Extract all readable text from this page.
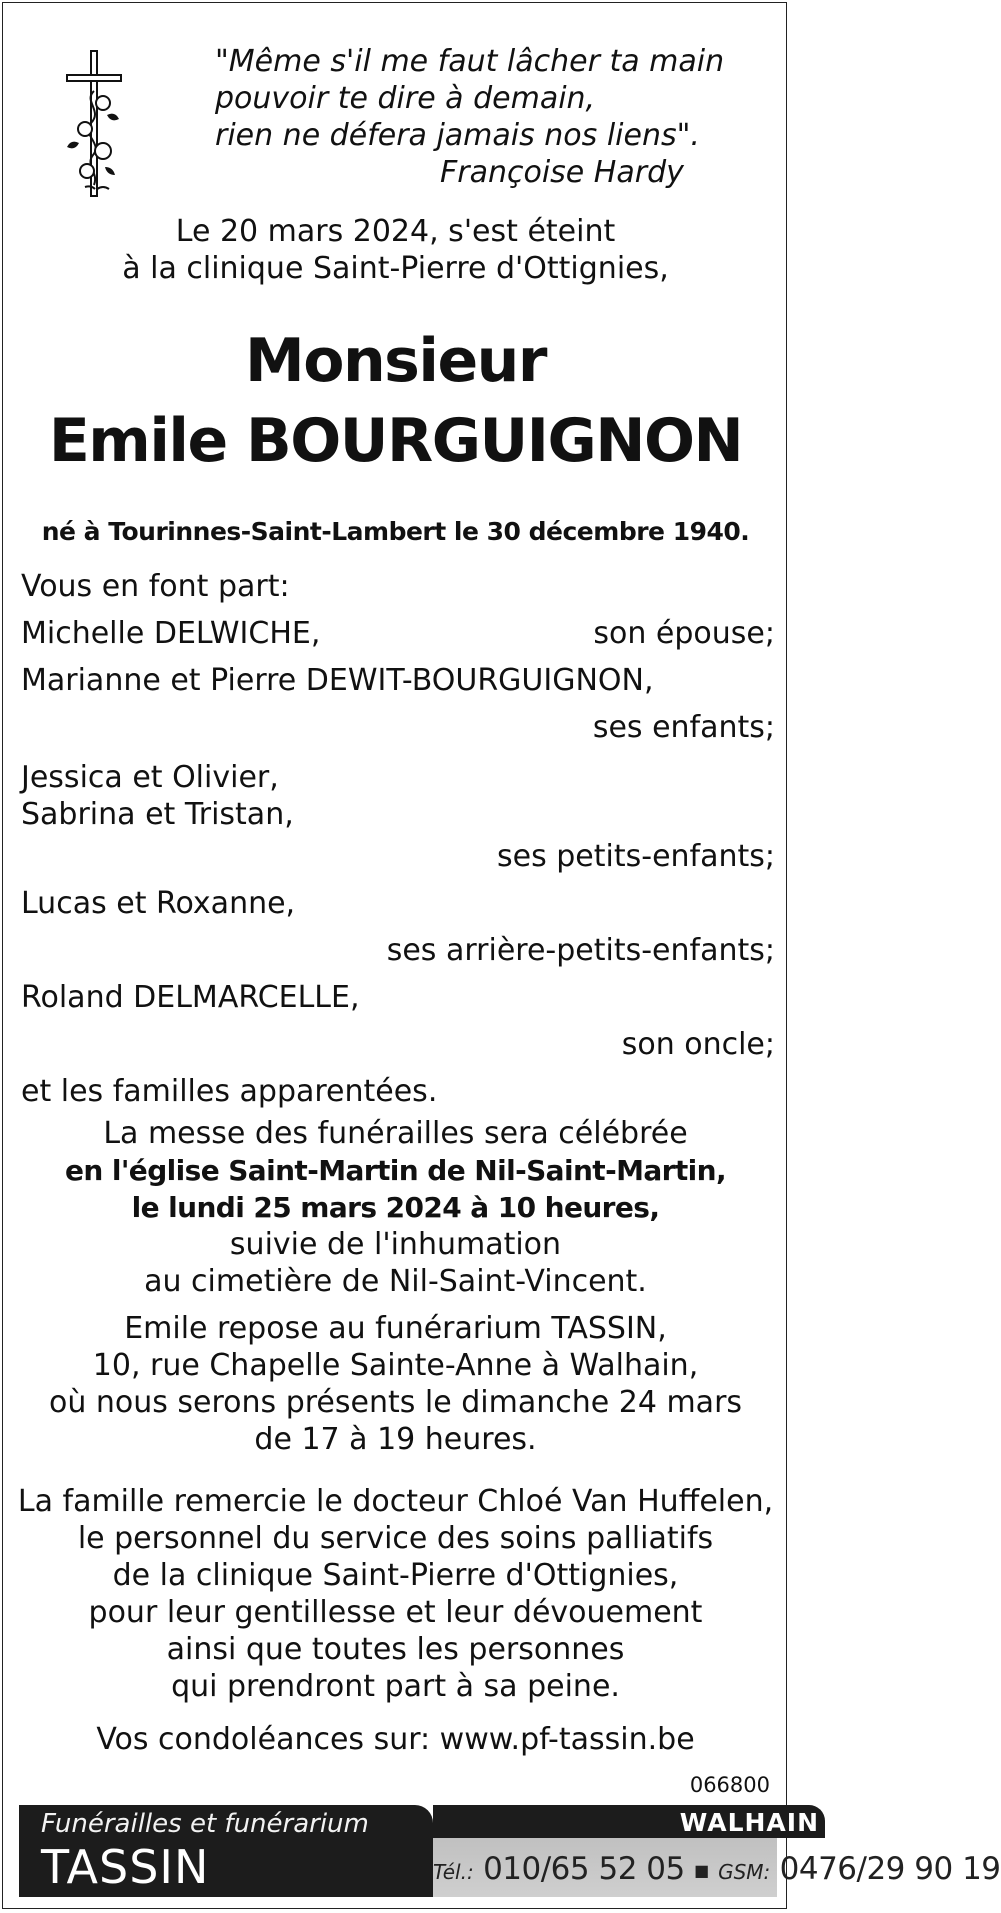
"Même s'il me faut lâcher ta main
pouvoir te dire à demain,
rien ne défera jamais nos liens".
Françoise Hardy
Le 20 mars 2024, s'est éteint
à la clinique Saint-Pierre d'Ottignies,
Monsieur
Emile BOURGUIGNON
né à Tourinnes-Saint-Lambert le 30 décembre 1940.
Vous en font part:
Michelle DELWICHE,	son épouse;
Marianne et Pierre DEWIT-BOURGUIGNON,
ses enfants;
Jessica et Olivier,
Sabrina et Tristan,
ses petits-enfants;
Lucas et Roxanne,
ses arrière-petits-enfants;
Roland DELMARCELLE,
son oncle;
et les familles apparentées.
La messe des funérailles sera célébrée
en l'église Saint-Martin de Nil-Saint-Martin,
le lundi 25 mars 2024 à 10 heures,
suivie de l'inhumation
au cimetière de Nil-Saint-Vincent.
Emile repose au funérarium TASSIN,
10, rue Chapelle Sainte-Anne à Walhain,
où nous serons présents le dimanche 24 mars
de 17 à 19 heures.
La famille remercie le docteur Chloé Van Huffelen,
le personnel du service des soins palliatifs
de la clinique Saint-Pierre d'Ottignies,
pour leur gentillesse et leur dévouement
ainsi que toutes les personnes
qui prendront part à sa peine.
Vos condoléances sur: www.pf-tassin.be
066800
Funérailles et funérarium
TASSIN
WALHAIN
Tél.: 010/65 52 05 ■ GSM: 0476/29 90 19
